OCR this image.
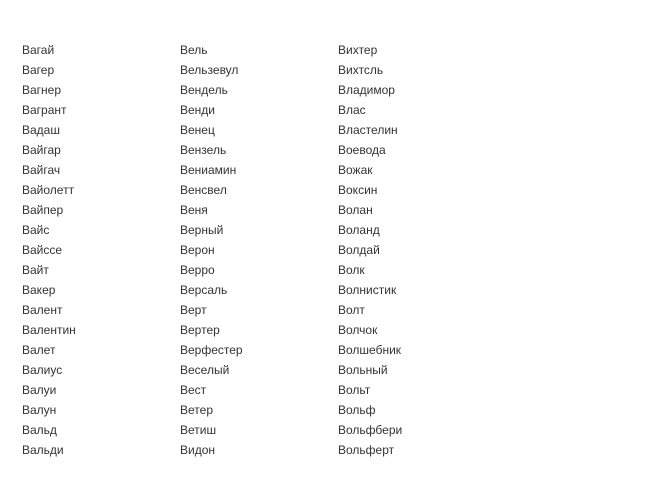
Вагай
Вагер
Вагнер
Вагрант
Вадаш
Вайгар
Вайгач
Вайолетт
Вайпер
Вайс
Вайссе
Вайт
Вакер
Валент
Валентин
Валет
Валиус
Валуи
Валун
Вальд
Вальди
Вель
Вельзевул
Вендель
Венди
Венец
Вензель
Вениамин
Венсвел
Веня
Верный
Верон
Верро
Версаль
Верт
Вертер
Верфестер
Веселый
Вест
Ветер
Ветиш
Видон
Вихтер
Вихтсль
Владимор
Влас
Властелин
Воевода
Вожак
Воксин
Волан
Воланд
Волдай
Волк
Волнистик
Волт
Волчок
Волшебник
Вольный
Вольт
Вольф
Вольфбери
Вольферт
